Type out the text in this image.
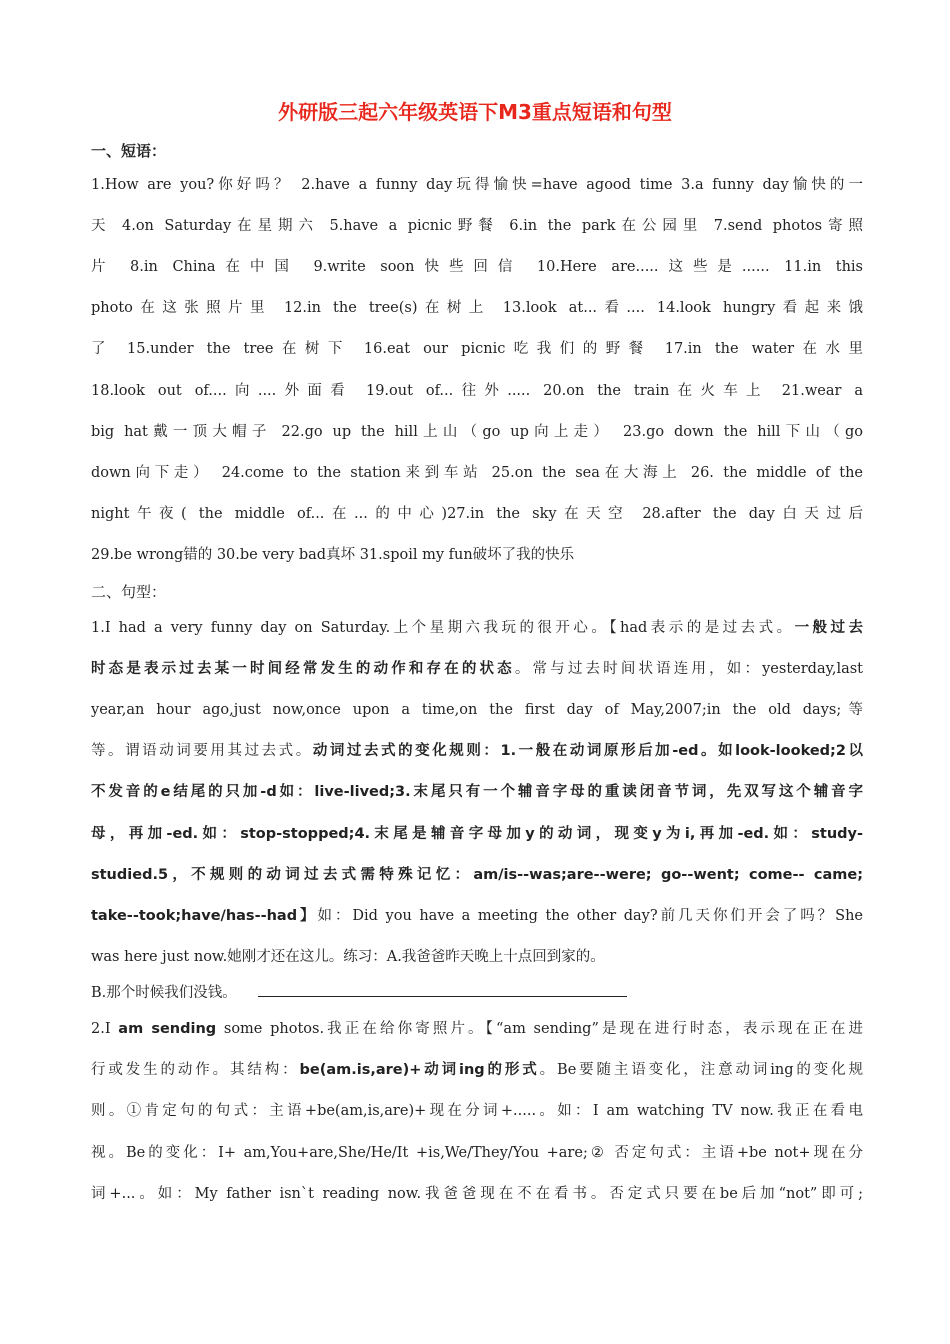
外研版三起六年级英语下M3重点短语和句型
一、短语：
1.How are you?你好吗？ 2.have a funny day玩得愉快=have agood time 3.a funny day愉快的一
天 4.on Saturday在星期六 5.have a picnic野餐 6.in the park在公园里 7.send photos寄照
片 8.in China在中国 9.write soon快些回信 10.Here are.....这些是...... 11.in this
photo在这张照片里 12.in the tree(s)在树上 13.look at...看.... 14.look hungry看起来饿
了 15.under the tree在树下 16.eat our picnic吃我们的野餐 17.in the water在水里
18.look out of....向....外面看 19.out of...往外..... 20.on the train在火车上 21.wear a
big hat戴一顶大帽子 22.go up the hill上山（go up向上走） 23.go down the hill下山（go
down向下走） 24.come to the station来到车站 25.on the sea在大海上 26. the middle of the
night午夜( the middle of...在...的中心)27.in the sky在天空 28.after the day白天过后
29.be wrong错的 30.be very bad真坏 31.spoil my fun破坏了我的快乐
二、句型：
1.I had a very funny day on Saturday.上个星期六我玩的很开心。【had表示的是过去式。一般过去
时态是表示过去某一时间经常发生的动作和存在的状态。常与过去时间状语连用，如：yesterday,last
year,an hour ago,just now,once upon a time,on the first day of May,2007;in the old days;等
等。谓语动词要用其过去式。动词过去式的变化规则：1.一般在动词原形后加-ed。如look-looked;2以
不发音的e结尾的只加-d如：live-lived;3.末尾只有一个辅音字母的重读闭音节词，先双写这个辅音字
母，再加-ed.如：stop-stopped;4.末尾是辅音字母加y的动词，现变y为i,再加-ed.如：study-
studied.5，不规则的动词过去式需特殊记忆：am/is--was;are--were; go--went; come-- came;
take--took;have/has--had】如：Did you have a meeting the other day?前几天你们开会了吗？She
was here just now.她刚才还在这儿。练习：A.我爸爸昨天晚上十点回到家的。
B.那个时候我们没钱。
2.I am sending some photos.我正在给你寄照片。【“am sending”是现在进行时态，表示现在正在进
行或发生的动作。其结构：be(am.is,are)+动词ing的形式。Be要随主语变化，注意动词ing的变化规
则。①肯定句的句式：主语+be(am,is,are)+现在分词+.....。如：I am watching TV now.我正在看电
视。Be的变化：I+ am,You+are,She/He/It +is,We/They/You +are;② 否定句式：主语+be not+现在分
词+...。如：My father isn`t reading now.我爸爸现在不在看书。否定式只要在be后加“not”即可;
